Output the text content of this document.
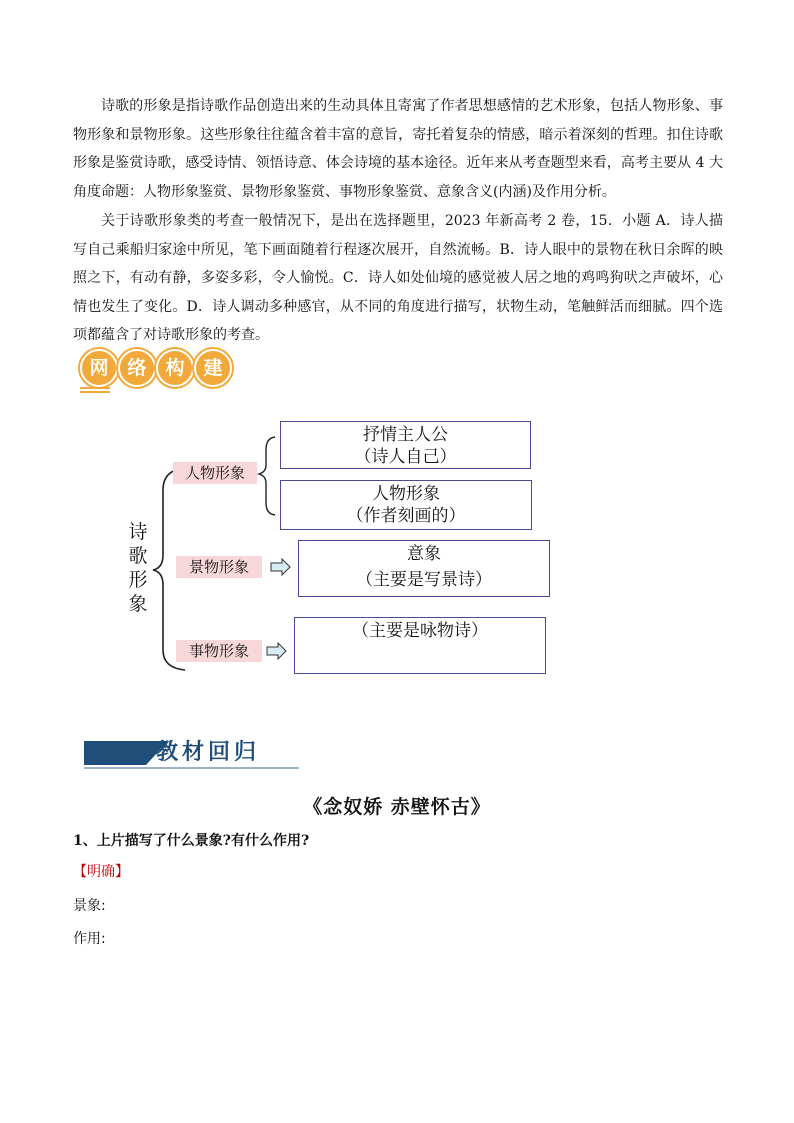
诗歌的形象是指诗歌作品创造出来的生动具体且寄寓了作者思想感情的艺术形象，包括人物形象、事物形象和景物形象。这些形象往往蕴含着丰富的意旨，寄托着复杂的情感，暗示着深刻的哲理。扣住诗歌形象是鉴赏诗歌，感受诗情、领悟诗意、体会诗境的基本途径。近年来从考查题型来看，高考主要从 4 大角度命题：人物形象鉴赏、景物形象鉴赏、事物形象鉴赏、意象含义(内涵)及作用分析。

关于诗歌形象类的考查一般情况下，是出在选择题里，2023 年新高考 2 卷，15．小题 A．诗人描写自己乘船归家途中所见，笔下画面随着行程逐次展开，自然流畅。B．诗人眼中的景物在秋日余晖的映照之下，有动有静，多姿多彩，令人愉悦。C．诗人如处仙境的感觉被人居之地的鸡鸣狗吠之声破坏，心情也发生了变化。D．诗人调动多种感官，从不同的角度进行描写，状物生动，笔触鲜活而细腻。四个选项都蕴含了对诗歌形象的考查。

网 络 构 建
诗歌形象
人物形象
景物形象
事物形象
抒情主人公
（诗人自己）
人物形象
（作者刻画的）
意象
（主要是写景诗）
（主要是咏物诗）
教材回归
《念奴娇 赤壁怀古》
1、上片描写了什么景象?有什么作用?
【明确】
景象:
作用:
